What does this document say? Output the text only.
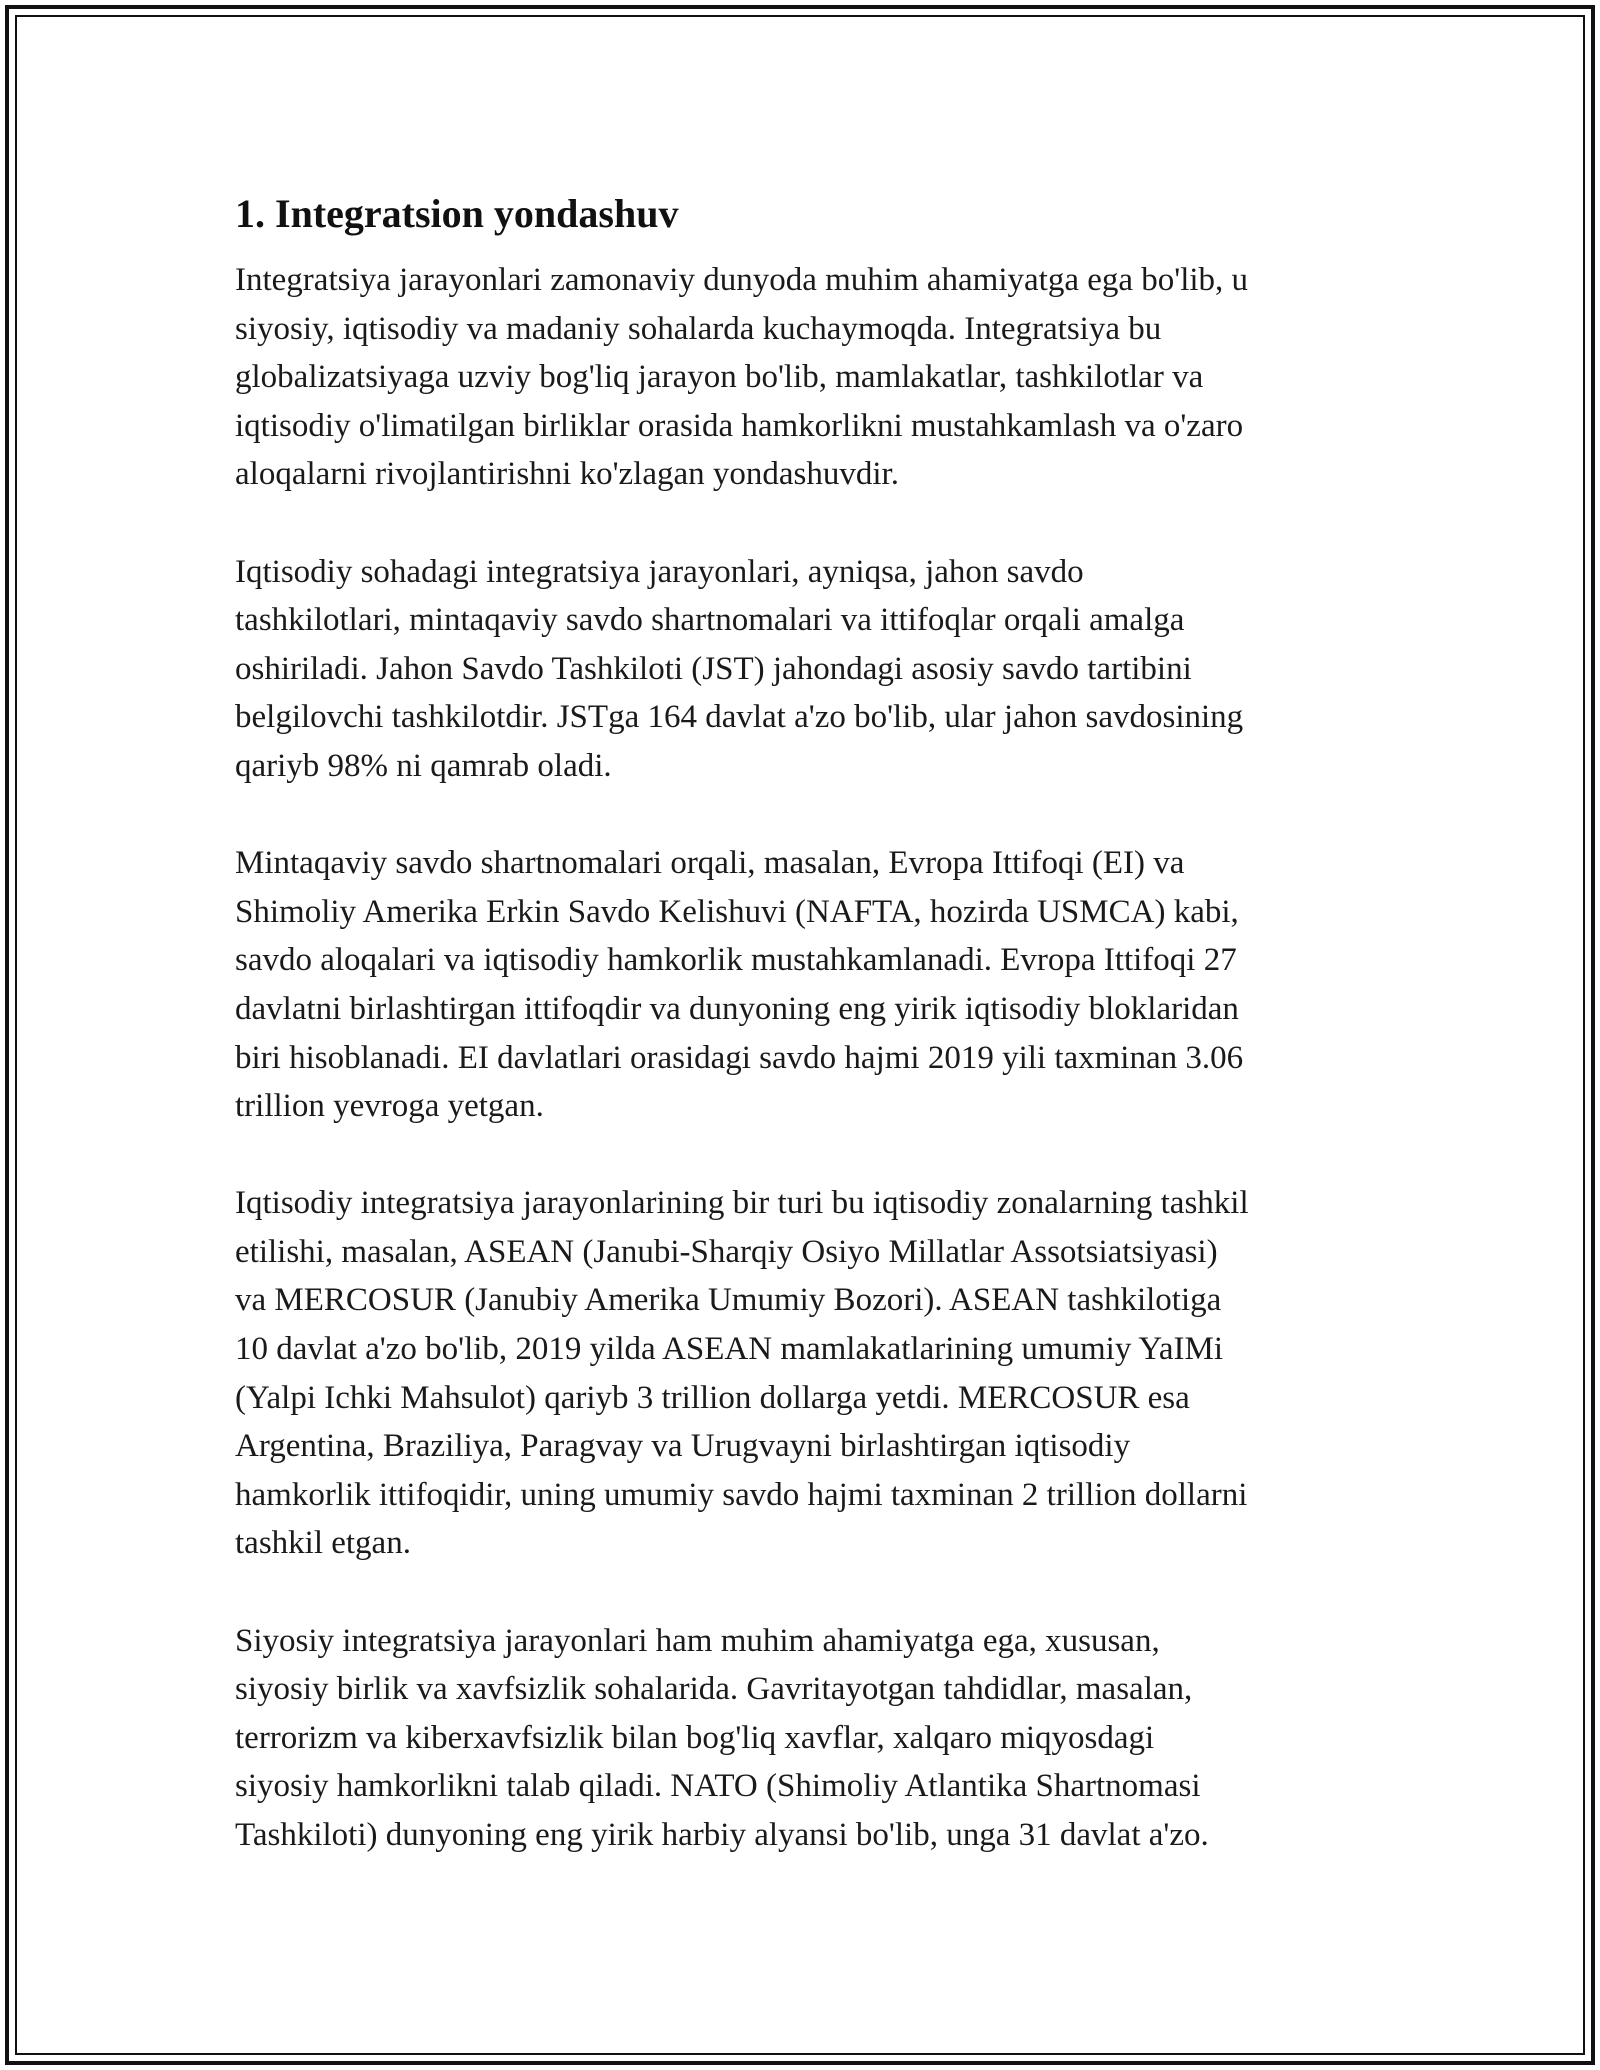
1. Integratsion yondashuv

Integratsiya jarayonlari zamonaviy dunyoda muhim ahamiyatga ega bo'lib, u
siyosiy, iqtisodiy va madaniy sohalarda kuchaymoqda. Integratsiya bu
globalizatsiyaga uzviy bog'liq jarayon bo'lib, mamlakatlar, tashkilotlar va
iqtisodiy o'limatilgan birliklar orasida hamkorlikni mustahkamlash va o'zaro
aloqalarni rivojlantirishni ko'zlagan yondashuvdir.

Iqtisodiy sohadagi integratsiya jarayonlari, ayniqsa, jahon savdo
tashkilotlari, mintaqaviy savdo shartnomalari va ittifoqlar orqali amalga
oshiriladi. Jahon Savdo Tashkiloti (JST) jahondagi asosiy savdo tartibini
belgilovchi tashkilotdir. JSTga 164 davlat a'zo bo'lib, ular jahon savdosining
qariyb 98% ni qamrab oladi.

Mintaqaviy savdo shartnomalari orqali, masalan, Evropa Ittifoqi (EI) va
Shimoliy Amerika Erkin Savdo Kelishuvi (NAFTA, hozirda USMCA) kabi,
savdo aloqalari va iqtisodiy hamkorlik mustahkamlanadi. Evropa Ittifoqi 27
davlatni birlashtirgan ittifoqdir va dunyoning eng yirik iqtisodiy bloklaridan
biri hisoblanadi. EI davlatlari orasidagi savdo hajmi 2019 yili taxminan 3.06
trillion yevroga yetgan.

Iqtisodiy integratsiya jarayonlarining bir turi bu iqtisodiy zonalarning tashkil
etilishi, masalan, ASEAN (Janubi-Sharqiy Osiyo Millatlar Assotsiatsiyasi)
va MERCOSUR (Janubiy Amerika Umumiy Bozori). ASEAN tashkilotiga
10 davlat a'zo bo'lib, 2019 yilda ASEAN mamlakatlarining umumiy YaIMi
(Yalpi Ichki Mahsulot) qariyb 3 trillion dollarga yetdi. MERCOSUR esa
Argentina, Braziliya, Paragvay va Urugvayni birlashtirgan iqtisodiy
hamkorlik ittifoqidir, uning umumiy savdo hajmi taxminan 2 trillion dollarni
tashkil etgan.

Siyosiy integratsiya jarayonlari ham muhim ahamiyatga ega, xususan,
siyosiy birlik va xavfsizlik sohalarida. Gavritayotgan tahdidlar, masalan,
terrorizm va kiberxavfsizlik bilan bog'liq xavflar, xalqaro miqyosdagi
siyosiy hamkorlikni talab qiladi. NATO (Shimoliy Atlantika Shartnomasi
Tashkiloti) dunyoning eng yirik harbiy alyansi bo'lib, unga 31 davlat a'zo.
